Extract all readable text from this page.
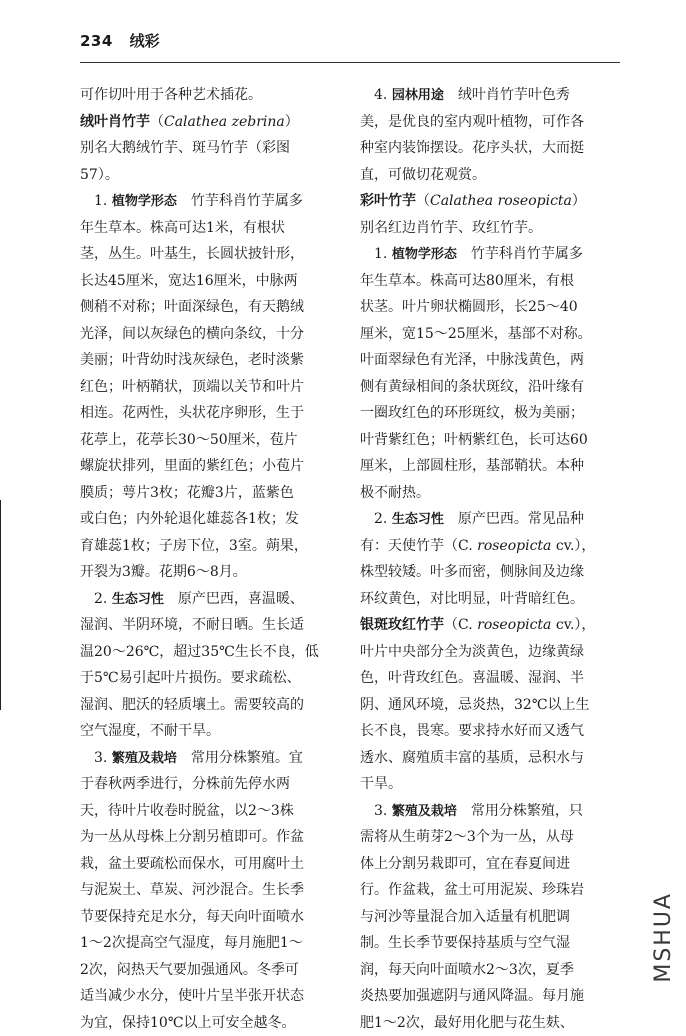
234 绒彩
可作切叶用于各种艺术插花。
绒叶肖竹芋（Calathea zebrina）
别名大鹅绒竹芋、斑马竹芋（彩图
57）。
　1. 植物学形态　竹芋科肖竹芋属多
年生草本。株高可达1米，有根状
茎，丛生。叶基生，长圆状披针形，
长达45厘米，宽达16厘米，中脉两
侧稍不对称；叶面深绿色，有天鹅绒
光泽，间以灰绿色的横向条纹，十分
美丽；叶背幼时浅灰绿色，老时淡紫
红色；叶柄鞘状，顶端以关节和叶片
相连。花两性，头状花序卵形，生于
花葶上，花葶长30～50厘米，苞片
螺旋状排列，里面的紫红色；小苞片
膜质；萼片3枚；花瓣3片，蓝紫色
或白色；内外轮退化雄蕊各1枚；发
育雄蕊1枚；子房下位，3室。蒴果，
开裂为3瓣。花期6～8月。
　2. 生态习性　原产巴西，喜温暖、
湿润、半阴环境，不耐日晒。生长适
温20～26℃，超过35℃生长不良，低
于5℃易引起叶片损伤。要求疏松、
湿润、肥沃的轻质壤土。需要较高的
空气湿度，不耐干旱。
　3. 繁殖及栽培　常用分株繁殖。宜
于春秋两季进行，分株前先停水两
天，待叶片收卷时脱盆，以2～3株
为一丛从母株上分割另植即可。作盆
栽，盆土要疏松而保水，可用腐叶土
与泥炭土、草炭、河沙混合。生长季
节要保持充足水分，每天向叶面喷水
1～2次提高空气湿度，每月施肥1～
2次，闷热天气要加强通风。冬季可
适当减少水分，使叶片呈半张开状态
为宜，保持10℃以上可安全越冬。
　4. 园林用途　绒叶肖竹芋叶色秀
美，是优良的室内观叶植物，可作各
种室内装饰摆设。花序头状，大而挺
直，可做切花观赏。
彩叶竹芋（Calathea roseopicta）
别名红边肖竹芋、玫红竹芋。
　1. 植物学形态　竹芋科肖竹芋属多
年生草本。株高可达80厘米，有根
状茎。叶片卵状椭圆形，长25～40
厘米，宽15～25厘米，基部不对称。
叶面翠绿色有光泽，中脉浅黄色，两
侧有黄绿相间的条状斑纹，沿叶缘有
一圈玫红色的环形斑纹，极为美丽；
叶背紫红色；叶柄紫红色，长可达60
厘米，上部圆柱形，基部鞘状。本种
极不耐热。
　2. 生态习性　原产巴西。常见品种
有：天使竹芋（C. roseopicta cv.），
株型较矮。叶多而密，侧脉间及边缘
环纹黄色，对比明显，叶背暗红色。
银斑玫红竹芋（C. roseopicta cv.），
叶片中央部分全为淡黄色，边缘黄绿
色，叶背玫红色。喜温暖、湿润、半
阴、通风环境，忌炎热，32℃以上生
长不良，畏寒。要求持水好而又透气
透水、腐殖质丰富的基质，忌积水与
干旱。
　3. 繁殖及栽培　常用分株繁殖，只
需将从生萌芽2～3个为一丛，从母
体上分割另栽即可，宜在春夏间进
行。作盆栽，盆土可用泥炭、珍珠岩
与河沙等量混合加入适量有机肥调
制。生长季节要保持基质与空气湿
润，每天向叶面喷水2～3次，夏季
炎热要加强遮阴与通风降温。每月施
肥1～2次，最好用化肥与花生麸、
MSHUA
